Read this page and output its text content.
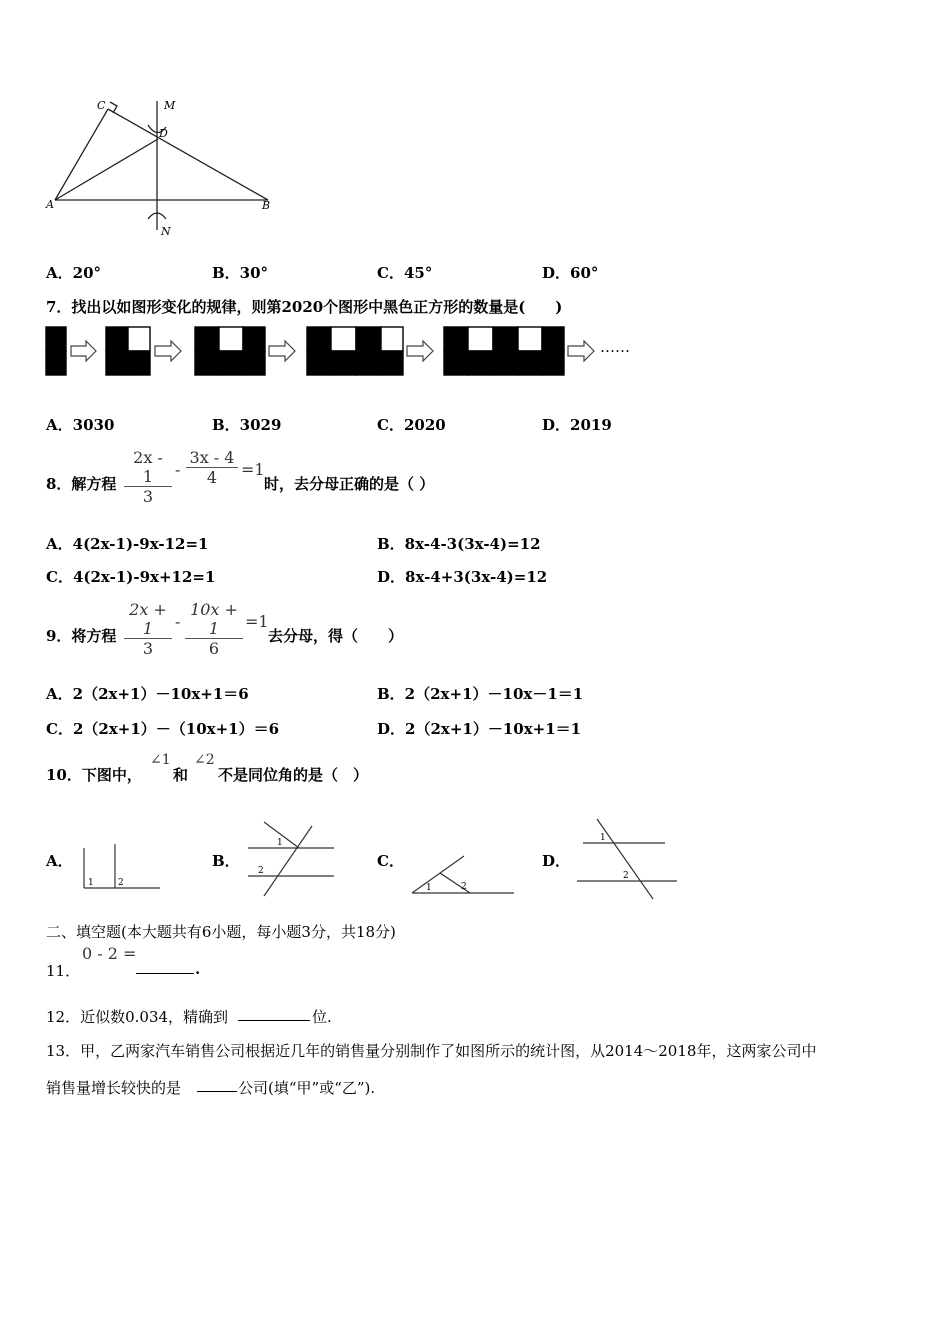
C	M
D
A	B
N
A．20°	B．30°	C．45°	D．60°
7．找出以如图形变化的规律，则第2020个图形中黑色正方形的数量是(　　)
……
A．3030	B．3029	C．2020	D．2019
8．解方程 $\frac{2x - 1}{3} - \frac{3x - 4}{4} =1$
时，去分母正确的是（ ）
A．4(2x-1)-9x-12=1	B．8x-4-3(3x-4)=12
C．4(2x-1)-9x+12=1	D．8x-4+3(3x-4)=12
9．将方程 $\frac{2x + 1}{3} - \frac{10x + 1}{6} =1$
去分母，得（　　）
A．2（2x+1）－10x+1＝6	B．2（2x+1）－10x－1＝1
C．2（2x+1）－（10x+1）＝6	D．2（2x+1）－10x+1＝1
10．下图中，
∠1
和
∠2
不是同位角的是（　）
A．	B．	C．	D．
1	2
1
2
1	2
1
2
二、填空题(本大题共有6小题，每小题3分，共18分)
11．
0 - 2 =
.
12．近似数0.034，精确到	位.
13．甲，乙两家汽车销售公司根据近几年的销售量分别制作了如图所示的统计图，从2014～2018年，这两家公司中
销售量增长较快的是	公司(填“甲”或“乙”).
